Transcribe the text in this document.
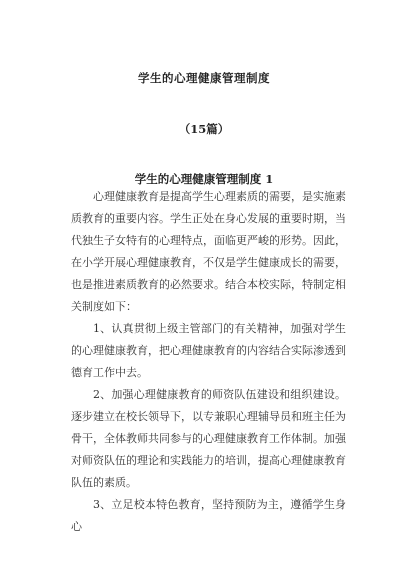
学生的心理健康管理制度
（15篇）
学生的心理健康管理制度 1

心理健康教育是提高学生心理素质的需要，是实施素质教育的重要内容。学生正处在身心发展的重要时期，当代独生子女特有的心理特点，面临更严峻的形势。因此，在小学开展心理健康教育，不仅是学生健康成长的需要，也是推进素质教育的必然要求。结合本校实际，特制定相关制度如下：

1、认真贯彻上级主管部门的有关精神，加强对学生的心理健康教育，把心理健康教育的内容结合实际渗透到德育工作中去。

2、加强心理健康教育的师资队伍建设和组织建设。逐步建立在校长领导下，以专兼职心理辅导员和班主任为骨干，全体教师共同参与的心理健康教育工作体制。加强对师资队伍的理论和实践能力的培训，提高心理健康教育队伍的素质。

3、立足校本特色教育，坚持预防为主，遵循学生身心
